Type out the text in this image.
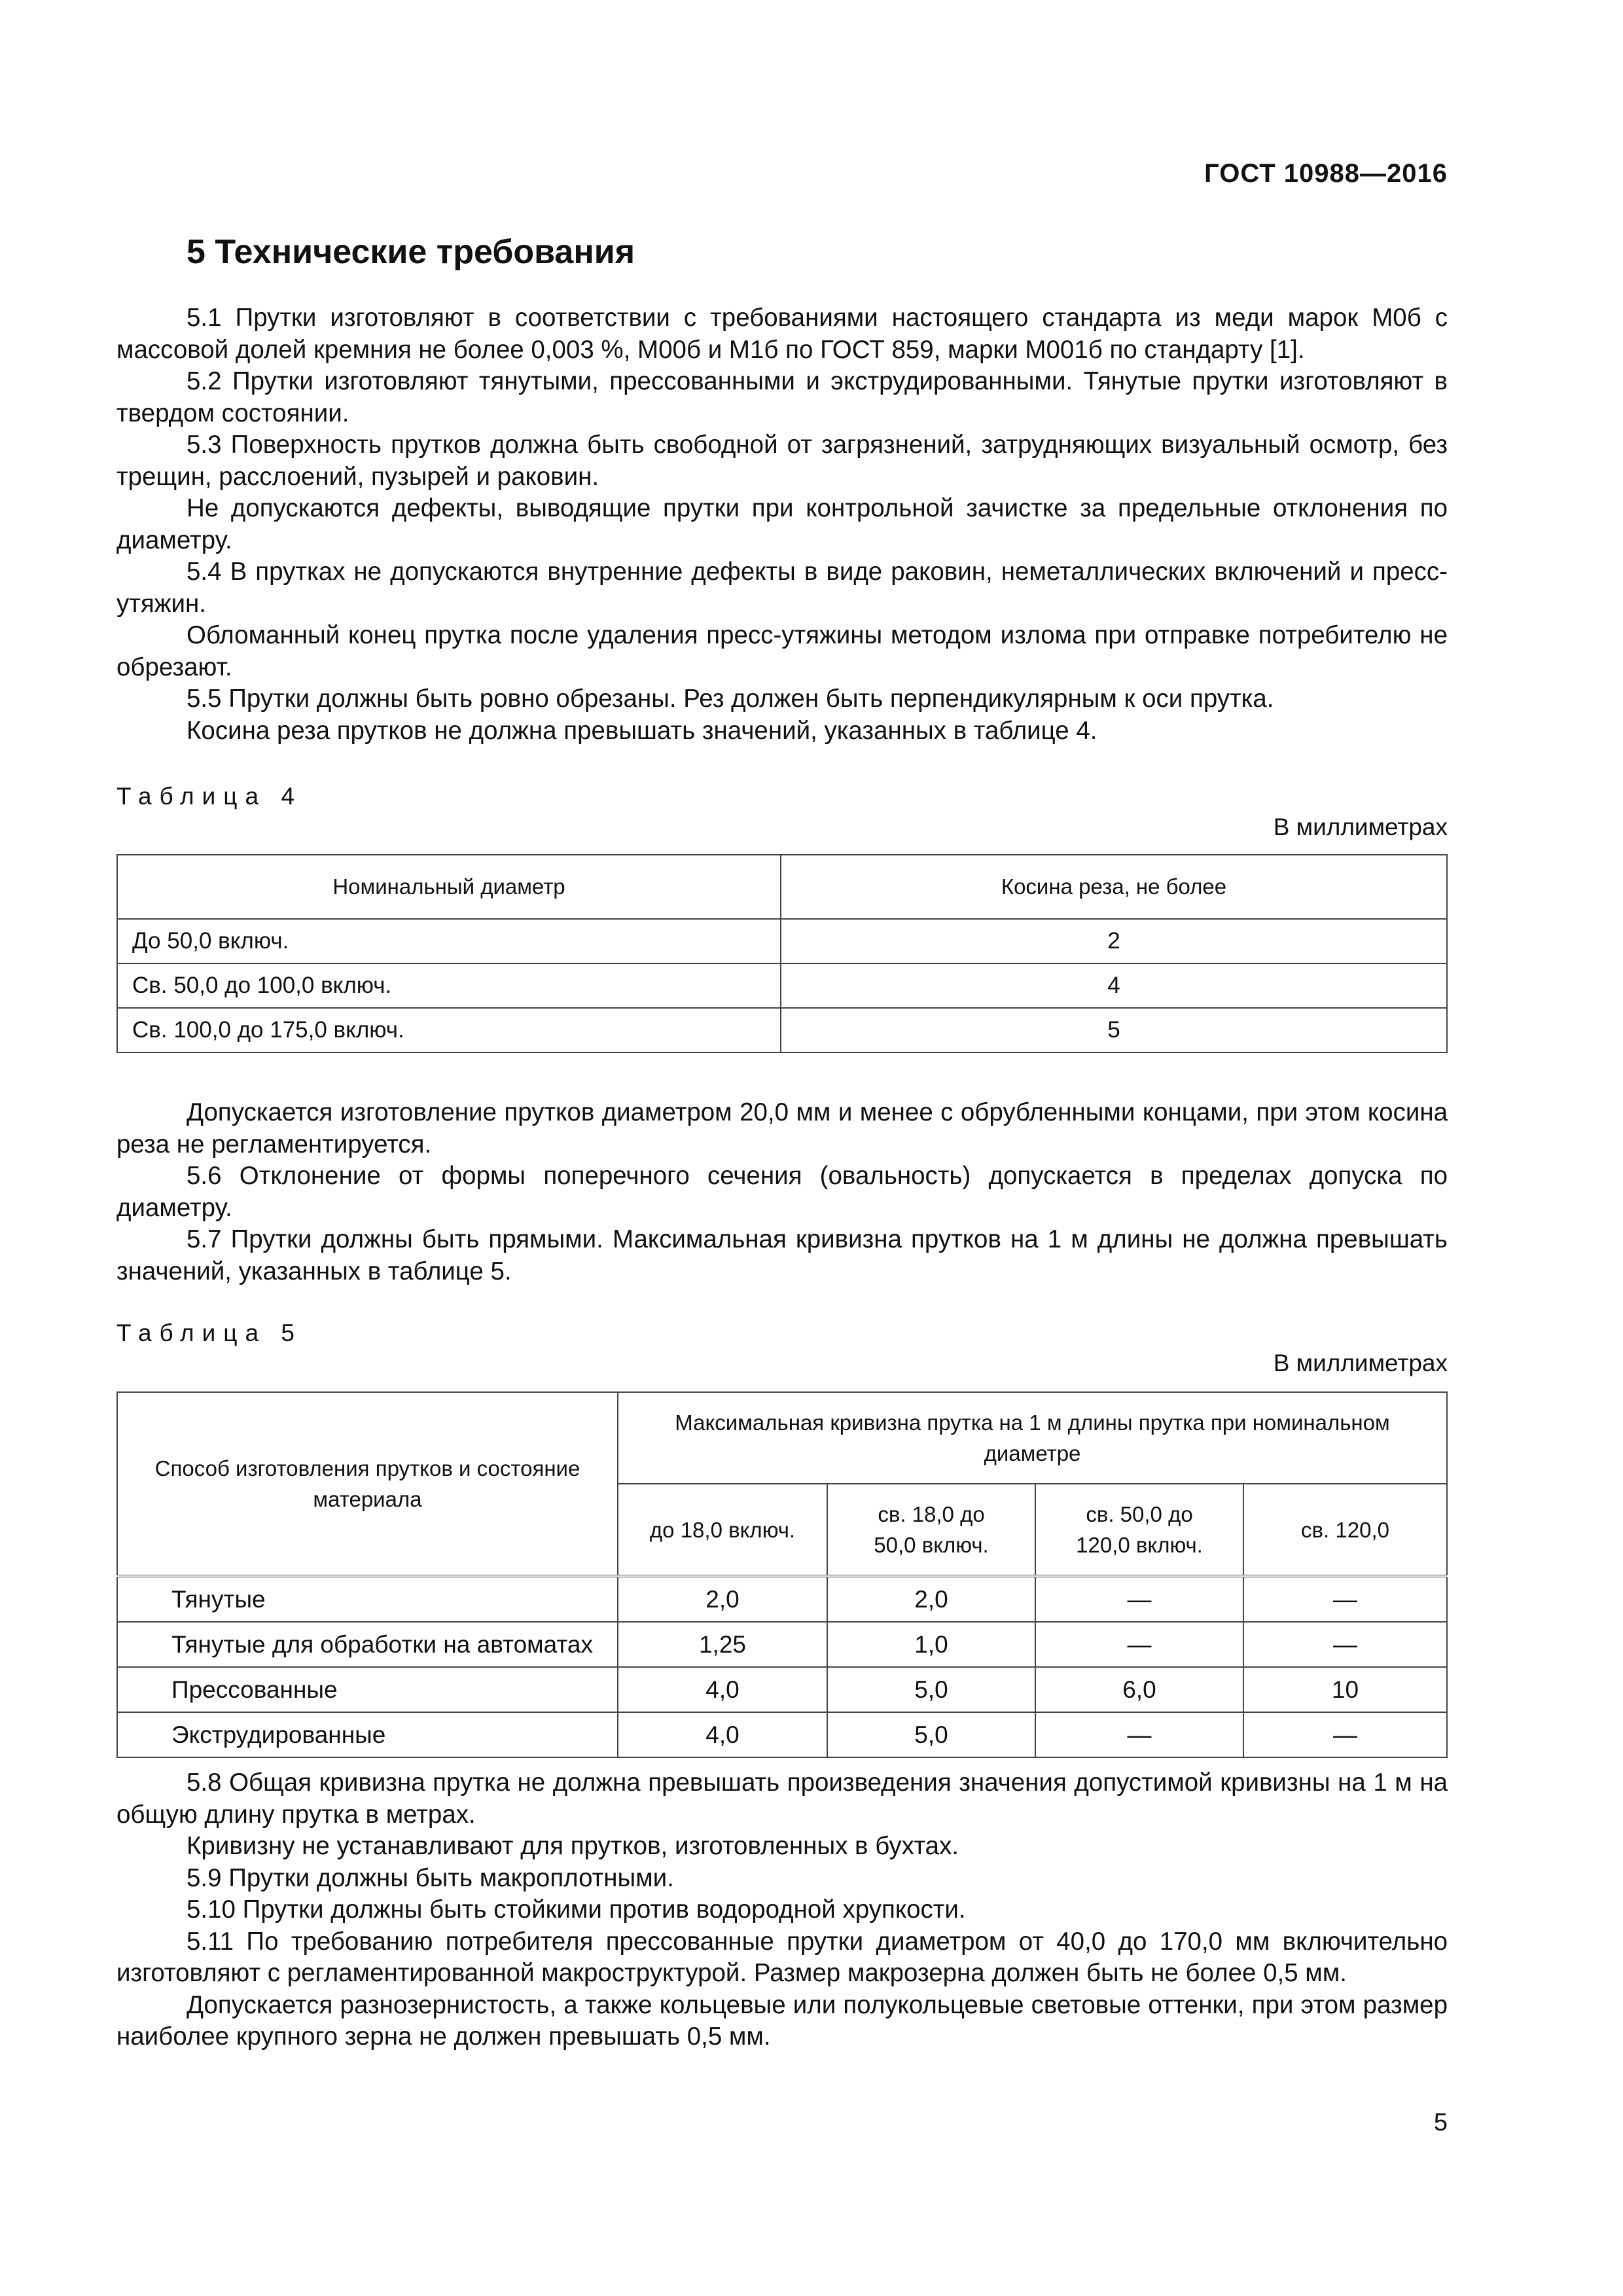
ГОСТ 10988—2016
5 Технические требования

5.1 Прутки изготовляют в соответствии с требованиями настоящего стандарта из меди марок М0б с массовой долей кремния не более 0,003 %, М00б и М1б по ГОСТ 859, марки М001б по стандарту [1].

5.2 Прутки изготовляют тянутыми, прессованными и экструдированными. Тянутые прутки изготовляют в твердом состоянии.

5.3 Поверхность прутков должна быть свободной от загрязнений, затрудняющих визуальный осмотр, без трещин, расслоений, пузырей и раковин.

Не допускаются дефекты, выводящие прутки при контрольной зачистке за предельные отклонения по диаметру.

5.4 В прутках не допускаются внутренние дефекты в виде раковин, неметаллических включений и пресс-утяжин.

Обломанный конец прутка после удаления пресс-утяжины методом излома при отправке потребителю не обрезают.

5.5 Прутки должны быть ровно обрезаны. Рез должен быть перпендикулярным к оси прутка.

Косина реза прутков не должна превышать значений, указанных в таблице 4.

Таблица 4
В миллиметрах
Номинальный диаметр	Косина реза, не более
До 50,0 включ.	2
Св. 50,0 до 100,0 включ.	4
Св. 100,0 до 175,0 включ.	5

Допускается изготовление прутков диаметром 20,0 мм и менее с обрубленными концами, при этом косина реза не регламентируется.

5.6 Отклонение от формы поперечного сечения (овальность) допускается в пределах допуска по диаметру.

5.7 Прутки должны быть прямыми. Максимальная кривизна прутков на 1 м длины не должна превышать значений, указанных в таблице 5.

Таблица 5
В миллиметрах
Способ изготовления прутков и состояние материала	Максимальная кривизна прутка на 1 м длины прутка при номинальном диаметре			
	до 18,0 включ.	св. 18,0 до 50,0 включ.	св. 50,0 до 120,0 включ.	св. 120,0
Тянутые	2,0	2,0	—	—
Тянутые для обработки на автоматах	1,25	1,0	—	—
Прессованные	4,0	5,0	6,0	10
Экструдированные	4,0	5,0	—	—

5.8 Общая кривизна прутка не должна превышать произведения значения допустимой кривизны на 1 м на общую длину прутка в метрах.

Кривизну не устанавливают для прутков, изготовленных в бухтах.

5.9 Прутки должны быть макроплотными.

5.10 Прутки должны быть стойкими против водородной хрупкости.

5.11 По требованию потребителя прессованные прутки диаметром от 40,0 до 170,0 мм включительно изготовляют с регламентированной макроструктурой. Размер макрозерна должен быть не более 0,5 мм.

Допускается разнозернистость, а также кольцевые или полукольцевые световые оттенки, при этом размер наиболее крупного зерна не должен превышать 0,5 мм.

5
